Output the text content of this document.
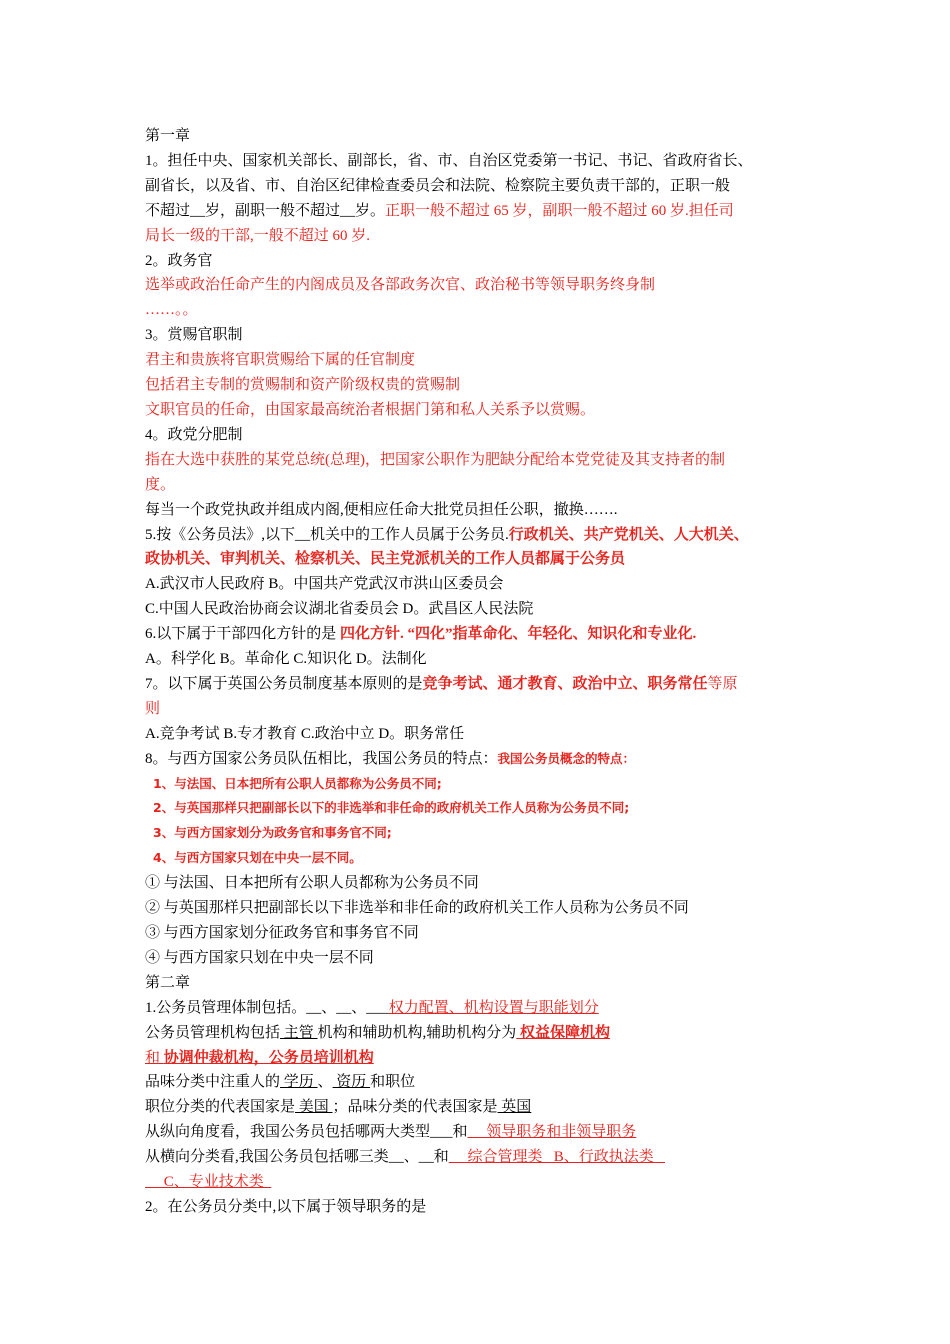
第一章
1。担任中央、国家机关部长、副部长，省、市、自治区党委第一书记、书记、省政府省长、
副省长，以及省、市、自治区纪律检查委员会和法院、检察院主要负责干部的，正职一般
不超过__岁，副职一般不超过__岁。正职一般不超过 65 岁，副职一般不超过 60 岁.担任司
局长一级的干部,一般不超过 60 岁.
2。政务官
选举或政治任命产生的内阁成员及各部政务次官、政治秘书等领导职务终身制
……。。
3。赏赐官职制
君主和贵族将官职赏赐给下属的任官制度
包括君主专制的赏赐制和资产阶级权贵的赏赐制
文职官员的任命，由国家最高统治者根据门第和私人关系予以赏赐。
4。政党分肥制
指在大选中获胜的某党总统(总理)，把国家公职作为肥缺分配给本党党徒及其支持者的制
度。
每当一个政党执政并组成内阁,便相应任命大批党员担任公职，撤换…….
5.按《公务员法》,以下__机关中的工作人员属于公务员.行政机关、共产党机关、人大机关、
政协机关、审判机关、检察机关、民主党派机关的工作人员都属于公务员
A.武汉市人民政府 B。中国共产党武汉市洪山区委员会
C.中国人民政治协商会议湖北省委员会 D。武昌区人民法院
6.以下属于干部四化方针的是 四化方针. “四化”指革命化、年轻化、知识化和专业化.
A。科学化 B。革命化 C.知识化 D。法制化
7。以下属于英国公务员制度基本原则的是竞争考试、通才教育、政治中立、职务常任等原
则
A.竞争考试 B.专才教育 C.政治中立 D。职务常任
8。与西方国家公务员队伍相比，我国公务员的特点：我国公务员概念的特点：
1、与法国、日本把所有公职人员都称为公务员不同;
2、与英国那样只把副部长以下的非选举和非任命的政府机关工作人员称为公务员不同;
3、与西方国家划分为政务官和事务官不同;
4、与西方国家只划在中央一层不同。
① 与法国、日本把所有公职人员都称为公务员不同
② 与英国那样只把副部长以下非选举和非任命的政府机关工作人员称为公务员不同
③ 与西方国家划分征政务官和事务官不同
④ 与西方国家只划在中央一层不同
第二章
1.公务员管理体制包括。__、__、___权力配置、机构设置与职能划分
公务员管理机构包括 主管 机构和辅助机构,辅助机构分为 权益保障机构
和 协调仲裁机构，公务员培训机构
品味分类中注重人的 学历 、 资历 和职位
职位分类的代表国家是 美国 ；品味分类的代表国家是 英国
从纵向角度看，我国公务员包括哪两大类型___和     领导职务和非领导职务
从横向分类看,我国公务员包括哪三类__、__和     综合管理类   B、行政执法类
C、专业技术类
2。在公务员分类中,以下属于领导职务的是
